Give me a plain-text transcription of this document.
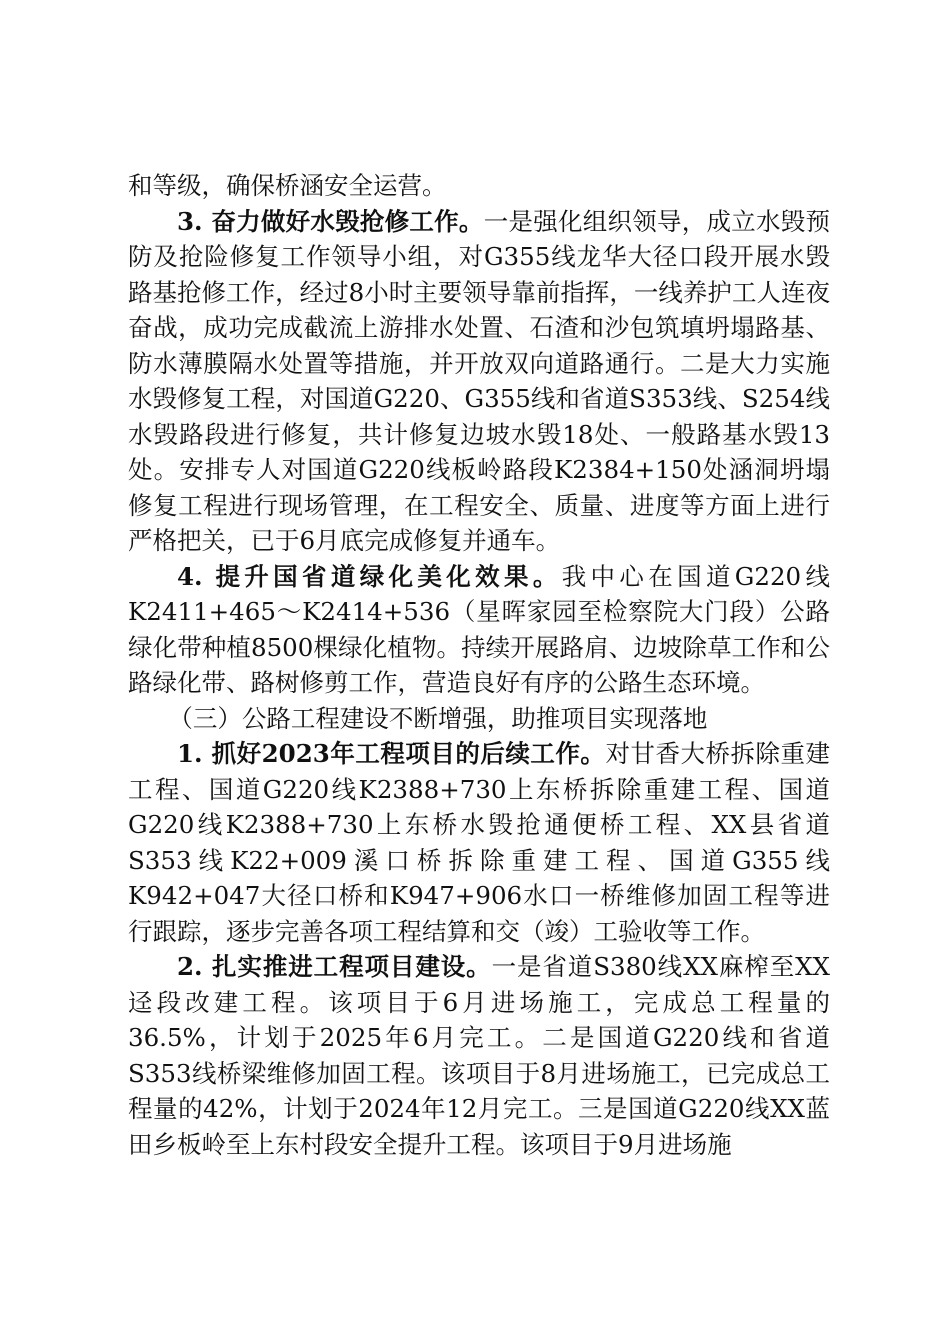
和等级，确保桥涵安全运营。

3. 奋力做好水毁抢修工作。一是强化组织领导，成立水毁预防及抢险修复工作领导小组，对G355线龙华大径口段开展水毁路基抢修工作，经过8小时主要领导靠前指挥，一线养护工人连夜奋战，成功完成截流上游排水处置、石渣和沙包筑填坍塌路基、防水薄膜隔水处置等措施，并开放双向道路通行。二是大力实施水毁修复工程，对国道G220、G355线和省道S353线、S254线水毁路段进行修复，共计修复边坡水毁18处、一般路基水毁13处。安排专人对国道G220线板岭路段K2384+150处涵洞坍塌修复工程进行现场管理，在工程安全、质量、进度等方面上进行严格把关，已于6月底完成修复并通车。

4. 提升国省道绿化美化效果。我中心在国道G220线K2411+465～K2414+536（星晖家园至检察院大门段）公路绿化带种植8500棵绿化植物。持续开展路肩、边坡除草工作和公路绿化带、路树修剪工作，营造良好有序的公路生态环境。

（三）公路工程建设不断增强，助推项目实现落地

1. 抓好2023年工程项目的后续工作。对甘香大桥拆除重建工程、国道G220线K2388+730上东桥拆除重建工程、国道G220线K2388+730上东桥水毁抢通便桥工程、XX县省道S353线K22+009溪口桥拆除重建工程、国道G355线K942+047大径口桥和K947+906水口一桥维修加固工程等进行跟踪，逐步完善各项工程结算和交（竣）工验收等工作。

2. 扎实推进工程项目建设。一是省道S380线XX麻榨至XX迳段改建工程。该项目于6月进场施工，完成总工程量的36.5%，计划于2025年6月完工。二是国道G220线和省道S353线桥梁维修加固工程。该项目于8月进场施工，已完成总工程量的42%，计划于2024年12月完工。三是国道G220线XX蓝田乡板岭至上东村段安全提升工程。该项目于9月进场施
